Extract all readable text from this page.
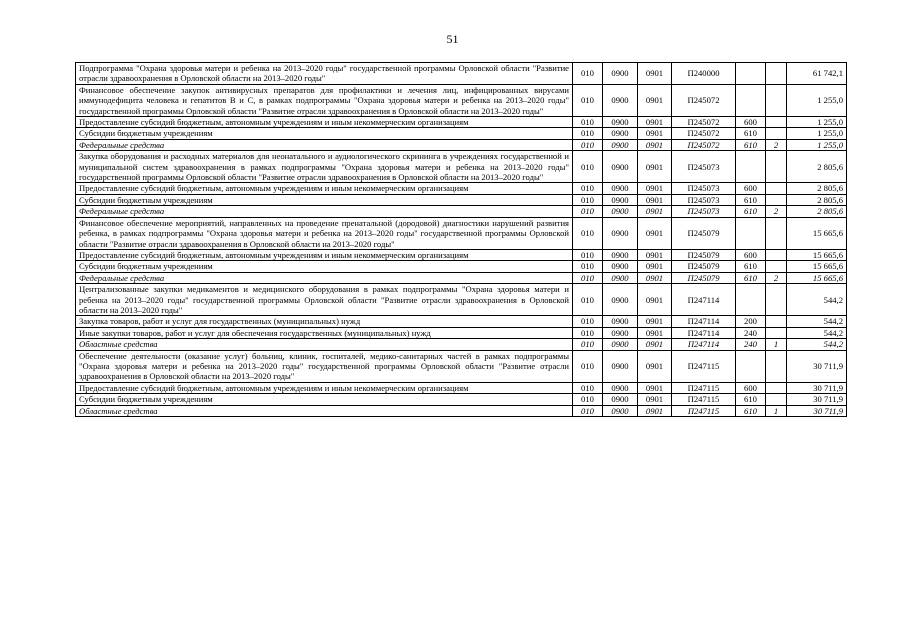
51
Подпрограмма "Охрана здоровья матери и ребенка на 2013–2020 годы" государственной программы Орловской области "Развитие отрасли здравоохранения в Орловской области на 2013–2020 годы"	010	0900	0901	П240000			61 742,1
Финансовое обеспечение закупок антивирусных препаратов для профилактики и лечения лиц, инфицированных вирусами иммунодефицита человека и гепатитов В и С, в рамках подпрограммы "Охрана здоровья матери и ребенка на 2013–2020 годы" государственной программы Орловской области "Развитие отрасли здравоохранения в Орловской области на 2013–2020 годы"	010	0900	0901	П245072			1 255,0
Предоставление субсидий бюджетным, автономным учреждениям и иным некоммерческим организациям	010	0900	0901	П245072	600		1 255,0
Субсидии бюджетным учреждениям	010	0900	0901	П245072	610		1 255,0
Федеральные средства	010	0900	0901	П245072	610	2	1 255,0
Закупка оборудования и расходных материалов для неонатального и аудиологического скрининга в учреждениях государственной и муниципальной систем здравоохранения в рамках подпрограммы "Охрана здоровья матери и ребенка на 2013–2020 годы" государственной программы Орловской области "Развитие отрасли здравоохранения в Орловской области на 2013–2020 годы"	010	0900	0901	П245073			2 805,6
Предоставление субсидий бюджетным, автономным учреждениям и иным некоммерческим организациям	010	0900	0901	П245073	600		2 805,6
Субсидии бюджетным учреждениям	010	0900	0901	П245073	610		2 805,6
Федеральные средства	010	0900	0901	П245073	610	2	2 805,6
Финансовое обеспечение мероприятий, направленных на проведение пренатальной (дородовой) диагностики нарушений развития ребенка, в рамках подпрограммы "Охрана здоровья матери и ребенка на 2013–2020 годы" государственной программы Орловской области "Развитие отрасли здравоохранения в Орловской области на 2013–2020 годы"	010	0900	0901	П245079			15 665,6
Предоставление субсидий бюджетным, автономным учреждениям и иным некоммерческим организациям	010	0900	0901	П245079	600		15 665,6
Субсидии бюджетным учреждениям	010	0900	0901	П245079	610		15 665,6
Федеральные средства	010	0900	0901	П245079	610	2	15 665,6
Централизованные закупки медикаментов и медицинского оборудования в рамках подпрограммы "Охрана здоровья матери и ребенка на 2013–2020 годы" государственной программы Орловской области "Развитие отрасли здравоохранения в Орловской области на 2013–2020 годы"	010	0900	0901	П247114			544,2
Закупка товаров, работ и услуг для государственных (муниципальных) нужд	010	0900	0901	П247114	200		544,2
Иные закупки товаров, работ и услуг для обеспечения государственных (муниципальных) нужд	010	0900	0901	П247114	240		544,2
Областные средства	010	0900	0901	П247114	240	1	544,2
Обеспечение деятельности (оказание услуг) больниц, клиник, госпиталей, медико-санитарных частей в рамках подпрограммы "Охрана здоровья матери и ребенка на 2013–2020 годы" государственной программы Орловской области "Развитие отрасли здравоохранения в Орловской области на 2013–2020 годы"	010	0900	0901	П247115			30 711,9
Предоставление субсидий бюджетным, автономным учреждениям и иным некоммерческим организациям	010	0900	0901	П247115	600		30 711,9
Субсидии бюджетным учреждениям	010	0900	0901	П247115	610		30 711,9
Областные средства	010	0900	0901	П247115	610	1	30 711,9
